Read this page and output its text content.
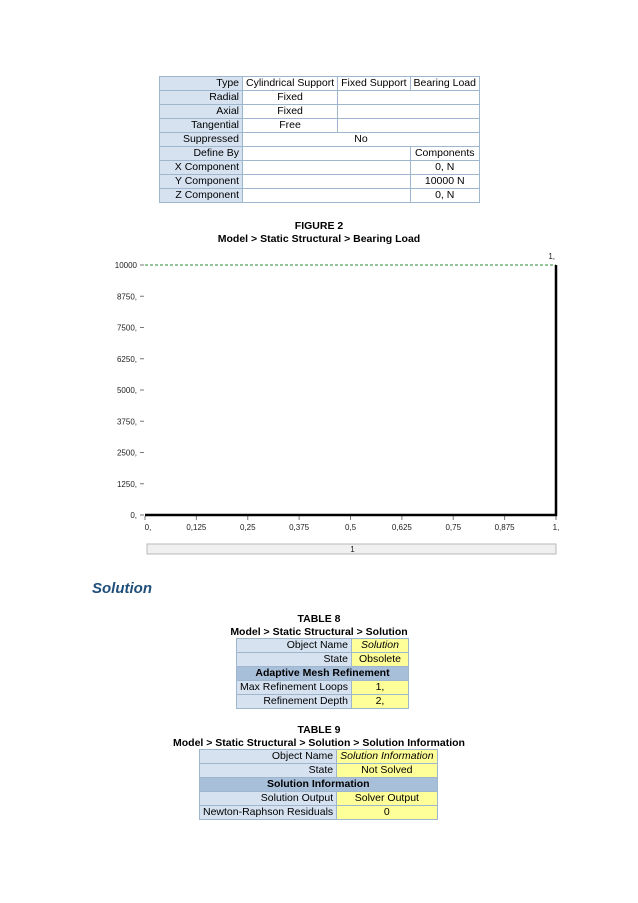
Type	Cylindrical Support	Fixed Support	Bearing Load
Radial	Fixed		
Axial	Fixed		
Tangential	Free		
Suppressed	No		
Define By			Components
X Component			0, N
Y Component			10000 N
Z Component			0, N
FIGURE 2
Model > Static Structural > Bearing Load
0,
1250,
2500,
3750,
5000,
6250,
7500,
8750,
10000
0,	0,125	0,25	0,375	0,5	0,625	0,75	0,875	1,
1,
1
Solution
TABLE 8
Model > Static Structural > Solution
Object Name	Solution
State	Obsolete
Adaptive Mesh Refinement	
Max Refinement Loops	1,
Refinement Depth	2,
TABLE 9
Model > Static Structural > Solution > Solution Information
Object Name	Solution Information
State	Not Solved
Solution Information	
Solution Output	Solver Output
Newton-Raphson Residuals	0
